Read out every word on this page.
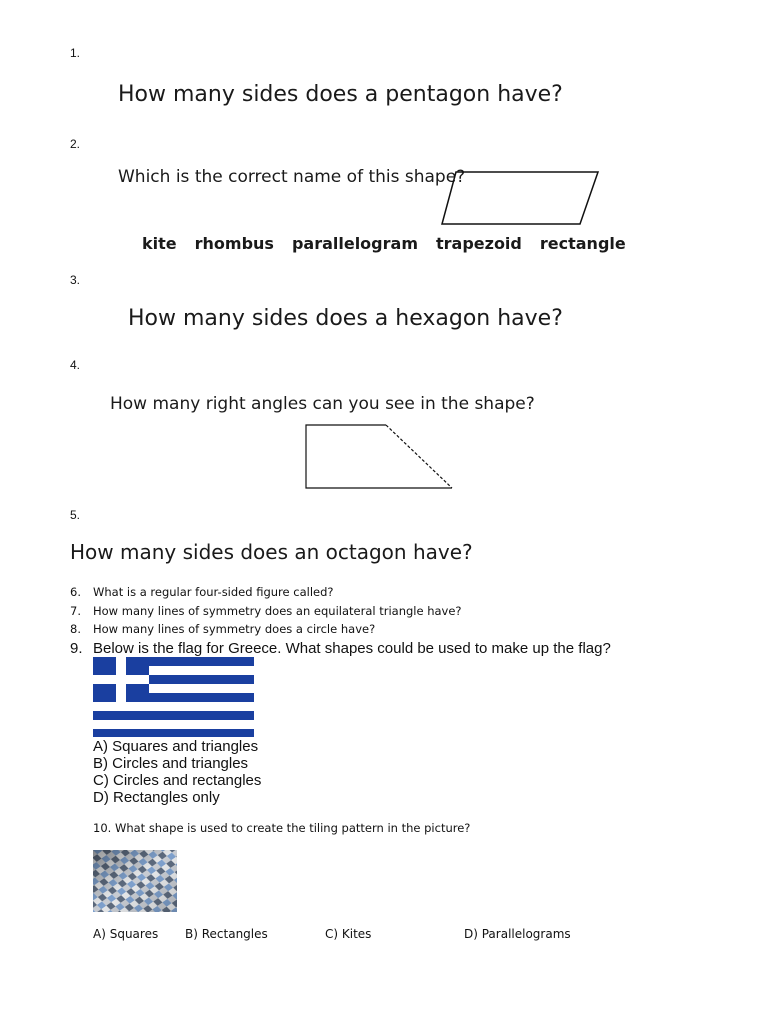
1.
How many sides does a pentagon have?
2.
Which is the correct name of this shape?
kite rhombus parallelogram trapezoid rectangle
3.
How many sides does a hexagon have?
4.
How many right angles can you see in the shape?
5.
How many sides does an octagon have?
6. What is a regular four-sided figure called?
7. How many lines of symmetry does an equilateral triangle have?
8. How many lines of symmetry does a circle have?
9. Below is the flag for Greece. What shapes could be used to make up the flag?
A) Squares and triangles
B) Circles and triangles
C) Circles and rectangles
D) Rectangles only
10. What shape is used to create the tiling pattern in the picture?
A) Squares B) Rectangles	C) Kites	D) Parallelograms
